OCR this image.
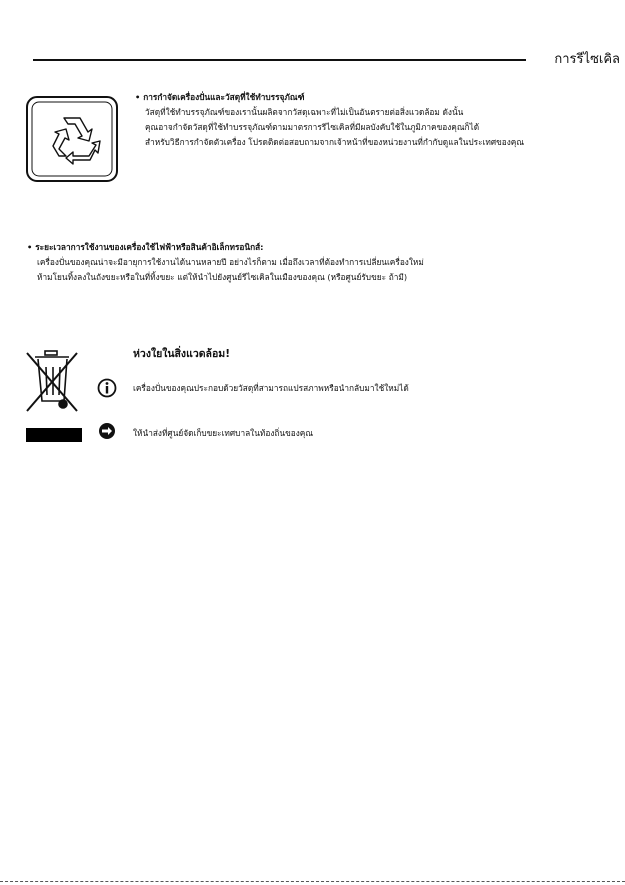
การรีไซเคิล
• การกำจัดเครื่องปั่นและวัสดุที่ใช้ทำบรรจุภัณฑ์
วัสดุที่ใช้ทำบรรจุภัณฑ์ของเรานั้นผลิตจากวัสดุเฉพาะที่ไม่เป็นอันตรายต่อสิ่งแวดล้อม ดังนั้น
คุณอาจกำจัดวัสดุที่ใช้ทำบรรจุภัณฑ์ตามมาตรการรีไซเคิลที่มีผลบังคับใช้ในภูมิภาคของคุณก็ได้
สำหรับวิธีการกำจัดตัวเครื่อง โปรดติดต่อสอบถามจากเจ้าหน้าที่ของหน่วยงานที่กำกับดูแลในประเทศของคุณ
• ระยะเวลาการใช้งานของเครื่องใช้ไฟฟ้าหรือสินค้าอิเล็กทรอนิกส์:
เครื่องปั่นของคุณน่าจะมีอายุการใช้งานได้นานหลายปี อย่างไรก็ตาม เมื่อถึงเวลาที่ต้องทำการเปลี่ยนเครื่องใหม่
ห้ามโยนทิ้งลงในถังขยะหรือในที่ทิ้งขยะ แต่ให้นำไปยังศูนย์รีไซเคิลในเมืองของคุณ (หรือศูนย์รับขยะ ถ้ามี)
ห่วงใยในสิ่งแวดล้อม!
เครื่องปั่นของคุณประกอบด้วยวัสดุที่สามารถแปรสภาพหรือนำกลับมาใช้ใหม่ได้
ให้นำส่งที่ศูนย์จัดเก็บขยะเทศบาลในท้องถิ่นของคุณ
